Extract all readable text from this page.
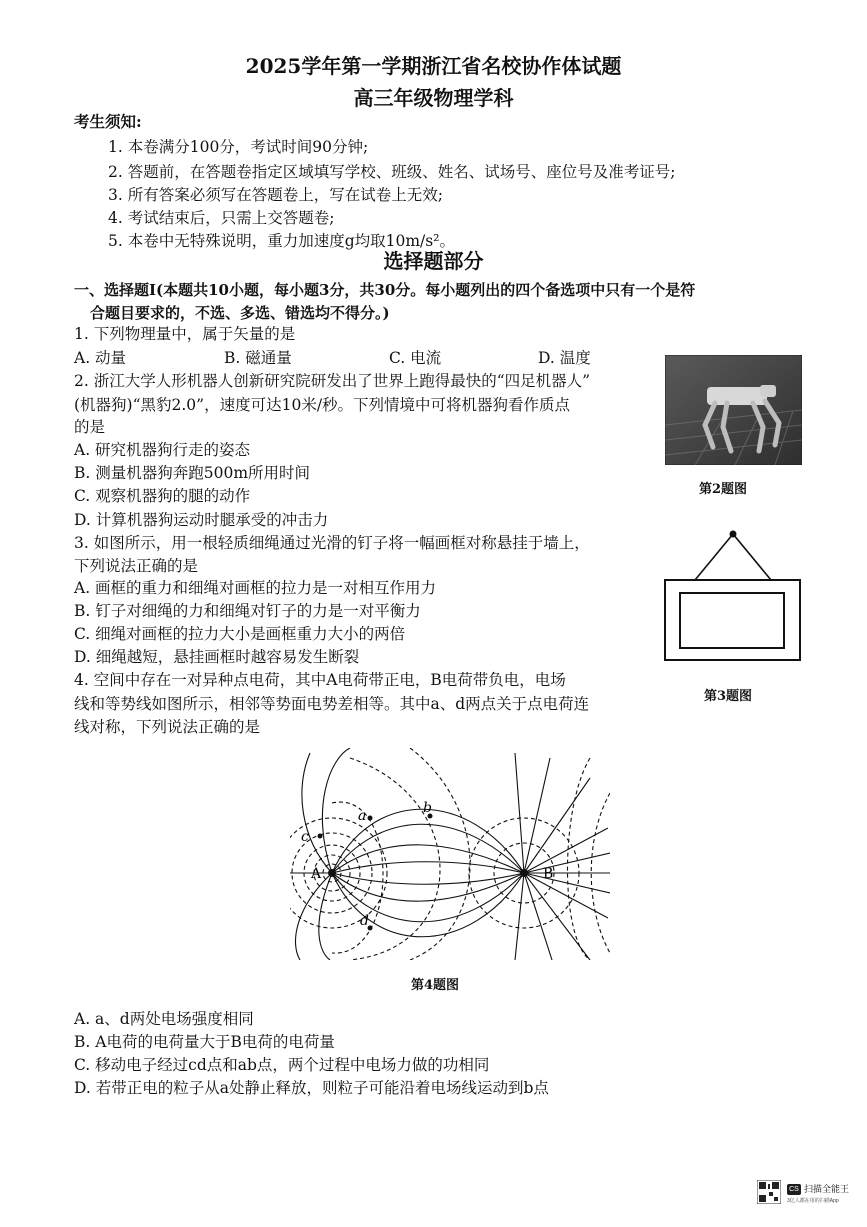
2025学年第一学期浙江省名校协作体试题
高三年级物理学科
考生须知:
1. 本卷满分100分，考试时间90分钟;
2. 答题前，在答题卷指定区域填写学校、班级、姓名、试场号、座位号及准考证号;
3. 所有答案必须写在答题卷上，写在试卷上无效;
4. 考试结束后，只需上交答题卷;
5. 本卷中无特殊说明，重力加速度g均取10m/s²。
选择题部分
一、选择题Ⅰ(本题共10小题，每小题3分，共30分。每小题列出的四个备选项中只有一个是符
合题目要求的，不选、多选、错选均不得分。)
1. 下列物理量中，属于矢量的是
A. 动量	B. 磁通量	C. 电流	D. 温度
2. 浙江大学人形机器人创新研究院研发出了世界上跑得最快的“四足机器人”
(机器狗)“黑豹2.0”，速度可达10米/秒。下列情境中可将机器狗看作质点
的是
A. 研究机器狗行走的姿态
B. 测量机器狗奔跑500m所用时间
C. 观察机器狗的腿的动作
D. 计算机器狗运动时腿承受的冲击力
第2题图
3. 如图所示，用一根轻质细绳通过光滑的钉子将一幅画框对称悬挂于墙上，
下列说法正确的是
A. 画框的重力和细绳对画框的拉力是一对相互作用力
B. 钉子对细绳的力和细绳对钉子的力是一对平衡力
C. 细绳对画框的拉力大小是画框重力大小的两倍
D. 细绳越短，悬挂画框时越容易发生断裂
第3题图
4. 空间中存在一对异种点电荷，其中A电荷带正电，B电荷带负电，电场
线和等势线如图所示，相邻等势面电势差相等。其中a、d两点关于点电荷连
线对称，下列说法正确的是
A	B
a	b
c
d
第4题图
A. a、d两处电场强度相同
B. A电荷的电荷量大于B电荷的电荷量
C. 移动电子经过cd点和ab点，两个过程中电场力做的功相同
D. 若带正电的粒子从a处静止释放，则粒子可能沿着电场线运动到b点
CS 扫描全能王
3亿人都在用的扫描App
